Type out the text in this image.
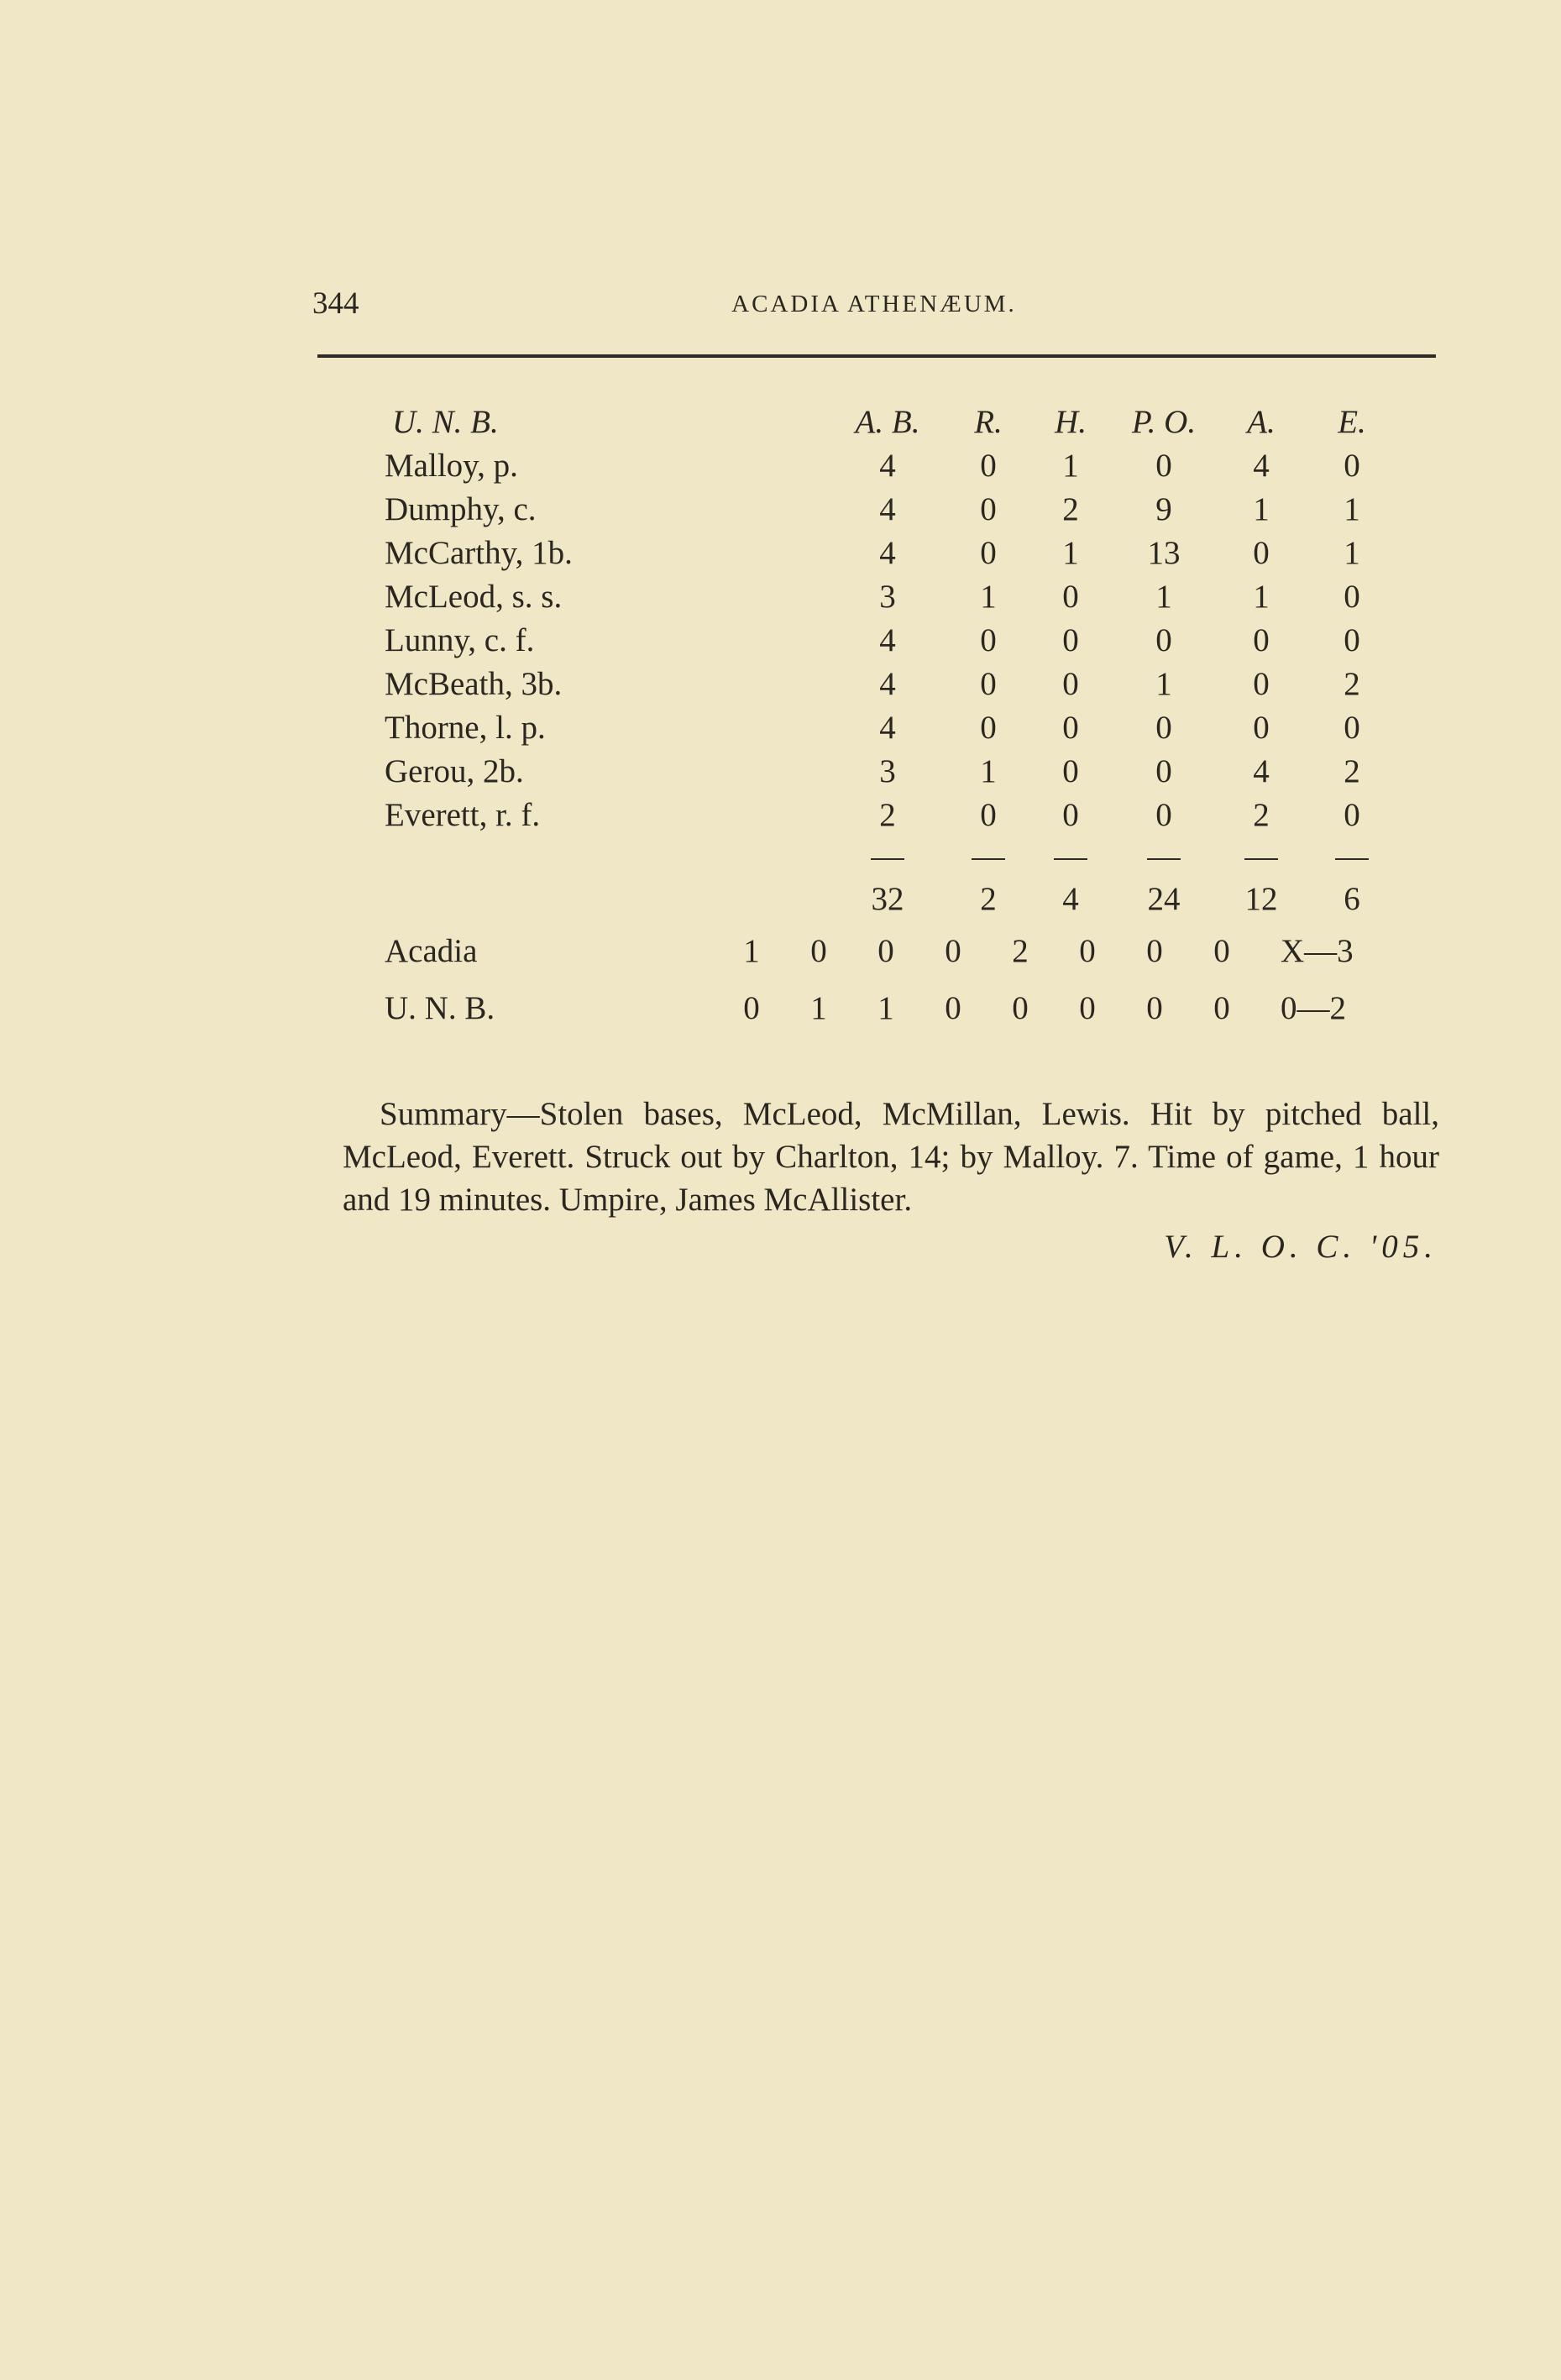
344	ACADIA ATHENÆUM.
U. N. B.	A. B.	R.	H.	P. O.	A.	E.
Malloy, p.	4	0	1	0	4	0
Dumphy, c.	4	0	2	9	1	1
McCarthy, 1b.	4	0	1	13	0	1
McLeod, s. s.	3	1	0	1	1	0
Lunny, c. f.	4	0	0	0	0	0
McBeath, 3b.	4	0	0	1	0	2
Thorne, l. p.	4	0	0	0	0	0
Gerou, 2b.	3	1	0	0	4	2
Everett, r. f.	2	0	0	0	2	0
32	2	4	24	12	6
Acadia	1	0	0	0	2	0	0	0	X—3
U. N. B.	0	1	1	0	0	0	0	0	0—2

Summary—Stolen bases, McLeod, McMillan, Lewis. Hit by pitched ball, McLeod, Everett. Struck out by Charlton, 14; by Malloy. 7. Time of game, 1 hour and 19 minutes. Umpire, James McAllister.

V. L. O. C. '05.
